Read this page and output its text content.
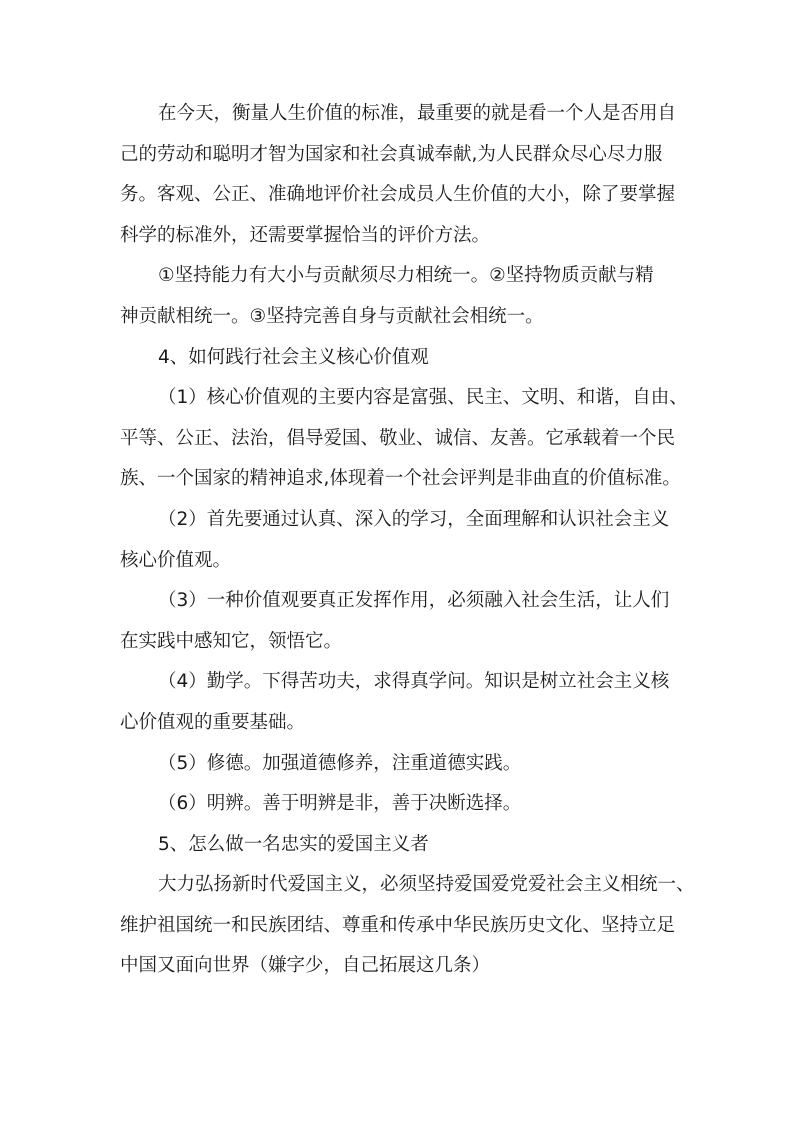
在今天，衡量人生价值的标准，最重要的就是看一个人是否用自
己的劳动和聪明才智为国家和社会真诚奉献,为人民群众尽心尽力服
务。客观、公正、准确地评价社会成员人生价值的大小，除了要掌握
科学的标准外，还需要掌握恰当的评价方法。
①坚持能力有大小与贡献须尽力相统一。②坚持物质贡献与精
神贡献相统一。③坚持完善自身与贡献社会相统一。
4、如何践行社会主义核心价值观
（1）核心价值观的主要内容是富强、民主、文明、和谐，自由、
平等、公正、法治，倡导爱国、敬业、诚信、友善。它承载着一个民
族、一个国家的精神追求,体现着一个社会评判是非曲直的价值标准。
（2）首先要通过认真、深入的学习，全面理解和认识社会主义
核心价值观。
（3）一种价值观要真正发挥作用，必须融入社会生活，让人们
在实践中感知它，领悟它。
（4）勤学。下得苦功夫，求得真学问。知识是树立社会主义核
心价值观的重要基础。
（5）修德。加强道德修养，注重道德实践。
（6）明辨。善于明辨是非，善于决断选择。
5、怎么做一名忠实的爱国主义者
大力弘扬新时代爱国主义，必须坚持爱国爱党爱社会主义相统一、
维护祖国统一和民族团结、尊重和传承中华民族历史文化、坚持立足
中国又面向世界（嫌字少，自己拓展这几条）
